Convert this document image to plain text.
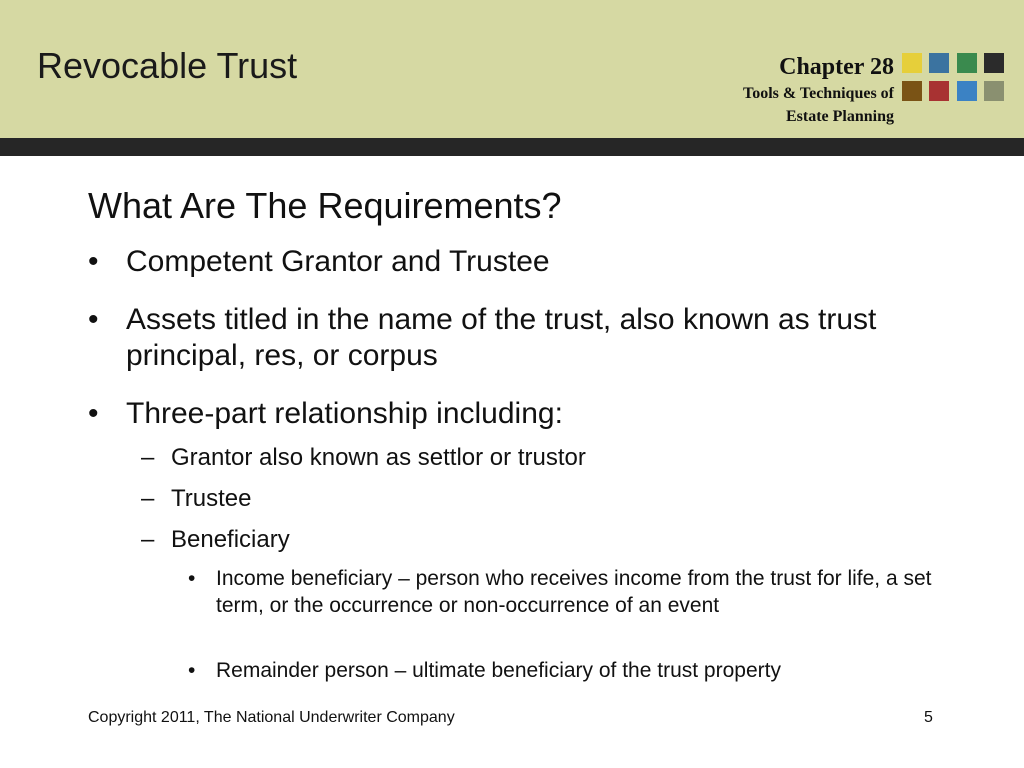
Revocable Trust	Chapter 28
Tools & Techniques of
Estate Planning
What Are The Requirements?
• Competent Grantor and Trustee
• Assets titled in the name of the trust, also known as trust principal, res, or corpus
• Three-part relationship including:
– Grantor also known as settlor or trustor
– Trustee
– Beneficiary
• Income beneficiary – person who receives income from the trust for life, a set term, or the occurrence or non-occurrence of an event
• Remainder person – ultimate beneficiary of the trust property
Copyright 2011, The National Underwriter Company	5
